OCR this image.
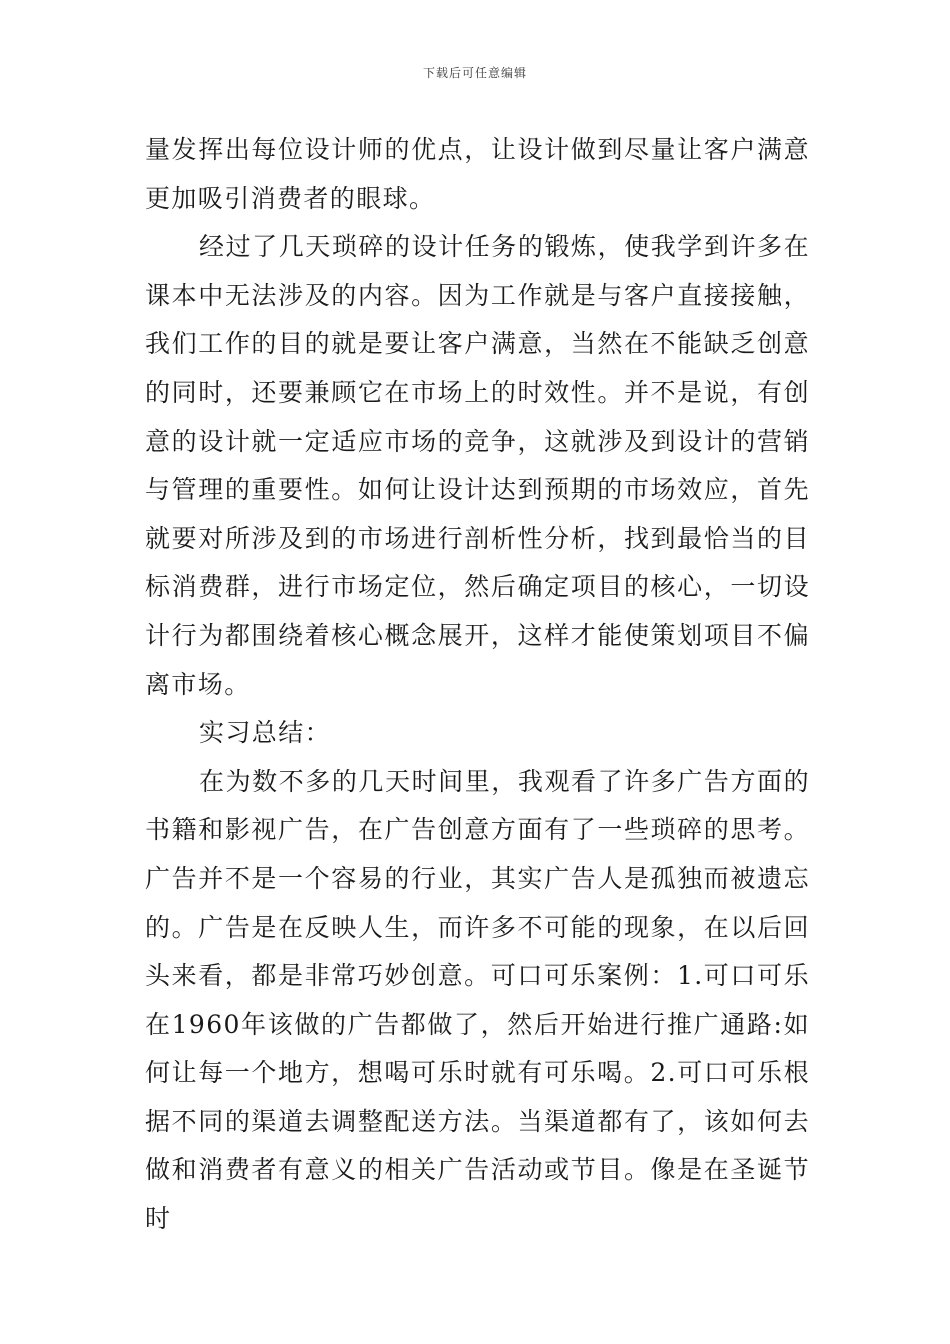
下载后可任意编辑

量发挥出每位设计师的优点，让设计做到尽量让客户满意更加吸引消费者的眼球。

经过了几天琐碎的设计任务的锻炼，使我学到许多在课本中无法涉及的内容。因为工作就是与客户直接接触，我们工作的目的就是要让客户满意，当然在不能缺乏创意的同时，还要兼顾它在市场上的时效性。并不是说，有创意的设计就一定适应市场的竞争，这就涉及到设计的营销与管理的重要性。如何让设计达到预期的市场效应，首先就要对所涉及到的市场进行剖析性分析，找到最恰当的目标消费群，进行市场定位，然后确定项目的核心，一切设计行为都围绕着核心概念展开，这样才能使策划项目不偏离市场。

实习总结：

在为数不多的几天时间里，我观看了许多广告方面的书籍和影视广告，在广告创意方面有了一些琐碎的思考。广告并不是一个容易的行业，其实广告人是孤独而被遗忘的。广告是在反映人生，而许多不可能的现象，在以后回头来看，都是非常巧妙创意。可口可乐案例：1.可口可乐在1960年该做的广告都做了，然后开始进行推广通路:如何让每一个地方，想喝可乐时就有可乐喝。2.可口可乐根据不同的渠道去调整配送方法。当渠道都有了，该如何去做和消费者有意义的相关广告活动或节目。像是在圣诞节时
